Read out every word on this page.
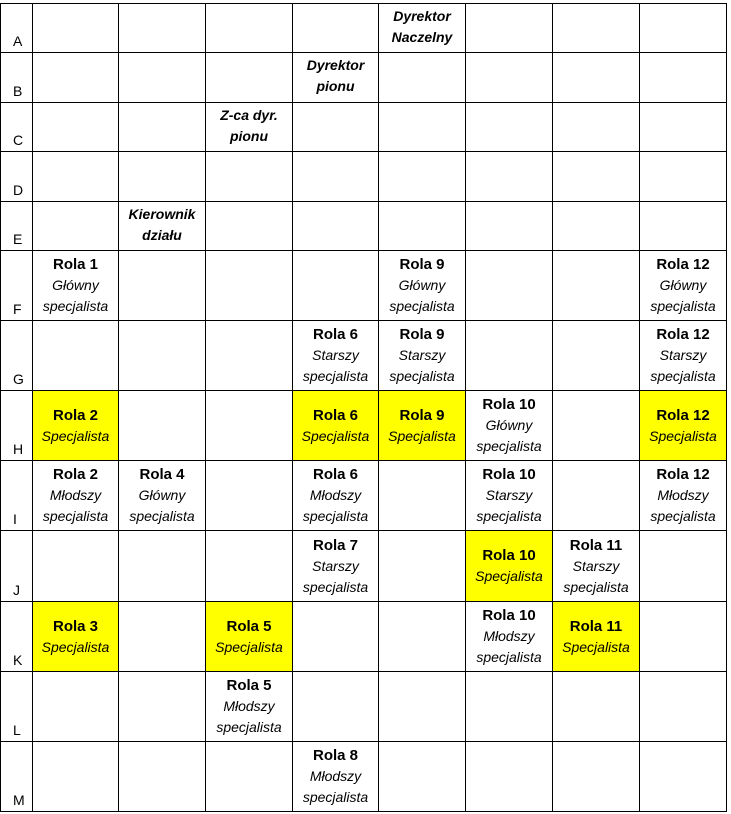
A
B
C
D
E
F
G
H
I
J
K
L
M
Dyrektor
Naczelny
Dyrektor
pionu
Z-ca dyr.
pionu
Kierownik
działu
Rola 1
Główny
specjalista
Rola 9
Główny
specjalista
Rola 12
Główny
specjalista
Rola 6
Starszy
specjalista
Rola 9
Starszy
specjalista
Rola 12
Starszy
specjalista
Rola 2
Specjalista
Rola 6
Specjalista
Rola 9
Specjalista
Rola 10
Główny
specjalista
Rola 12
Specjalista
Rola 2
Młodszy
specjalista
Rola 4
Główny
specjalista
Rola 6
Młodszy
specjalista
Rola 10
Starszy
specjalista
Rola 12
Młodszy
specjalista
Rola 7
Starszy
specjalista
Rola 10
Specjalista
Rola 11
Starszy
specjalista
Rola 3
Specjalista
Rola 5
Specjalista
Rola 10
Młodszy
specjalista
Rola 11
Specjalista
Rola 5
Młodszy
specjalista
Rola 8
Młodszy
specjalista
